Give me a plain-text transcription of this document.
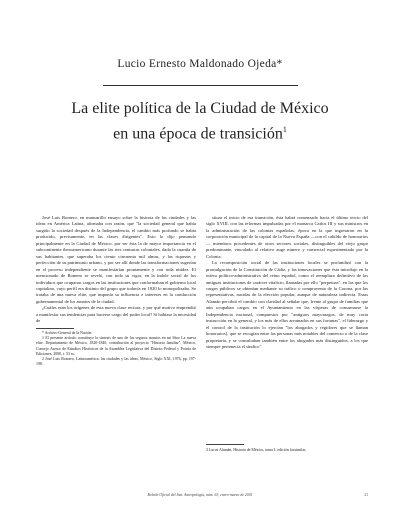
Lucio Ernesto Maldonado Ojeda*
La elite política de la Ciudad de México
en una época de transición$^1$

José Luis Romero, en mansurillo ensayo sobre la historia de las ciudades y las ideas en América Latina, afirmaba con razón, que "la sociedad general que había surgido la sociedad después de la Independencia, el cambio más profundo se había producido, precisamente, en las clases dirigentes". Esto lo dijo pensando principalmente en la Ciudad de México, por ser ésta la de mayor importancia en el subcontinente iberoamericano durante las tres centurias coloniales, dada la cuantía de sus habitantes, que superaba los ciento cincuenta mil almas, y las riquezas y perfección de su patrimonio urbano, y por ser allí donde las transformaciones sugerían en el proceso independiente se manifestarían prontamente y con toda nitidez. El mencionado de Romero se reveló, con todo su vigor, en la índole social de los individuos que ocuparon cargos en las instituciones que conformaban el gobierno local capitalino, cuyo perfil era distinto del grupo que todavía en 1820 lo monopolizaba. Se trataba de una nueva elite, que imponía su influencia e intereses en la conducción gubernamental de los asuntos de la ciudad.

¿Cuáles eran los orígenes de esta nueva clase rectora, y por qué motivo emprendió a manifestar sus tendencias para hacerse cargo del poder local? Si habíase la necesidad de

* Archivo General de la Nación.

1 El presente artículo constituye la síntesis de uno de los seguros asuntos en mi libro La nueva elite. Departamento de México, 1820-1840, contribución al proyecto "Historia familiar", México, Consejo Asesor de Estudios Históricos de la Asamblea Legislativa del Distrito Federal y Porrúa de Ediciones, 2000, t. 53 ss.

2 José Luis Romero, Latinoamérica: las ciudades y las ideas, México, Siglo XXI, 1976, pp. 197-198.

situar el inicio de esa transición, ésta habrá comenzado hacia el último tercio del siglo XVIII, con las reformas impulsadas por el monarca Carlos III y sus ministros en la administración de las colonias españolas, época en la que ingresaron en la corporación municipal de la capital de la Nueva España —con el cabildo de honorarios— miembros procedentes de otros sectores sociales, distinguibles del viejo grupo predominante, vinculado al relativo auge minero y comercial experimentado por la Colonia.

La recomposición social de las instituciones locales se profundizó con la promulgación de la Constitución de Cádiz, y las innovaciones que ésta introdujo en la esfera político-administrativa del reino español, como el reemplazo definitivo de las antiguas instituciones de carácter vitalicio, llamadas por ello "perpetuas", en las que los cargos públicos se obtenían mediante su tráfico o compraventa de la Corona, por las representativas, nacidas de la elección popular, aunque de naturaleza indirecta. Estas Alamán percibió el cambio con claridad al señalar que, frente al grupo de familias que aún ocupaban cargos en el Ayuntamiento en las vísperas de consumarse la Independencia nacional, compuestos por "antiguos mayorazgos, de muy corta instrucción en lo general, y los más de ellos arruinados en sus fortunas", el liderazgo y el control de la institución lo ejercían "los abogados y regidores que se llaman honorarios], que se escogían entre las personas más notables del comercio o de la clase propietaria, y se consultaban también entre los abogados más distinguidos, a los que siempre pertenecía el síndico".

3 Lucas Alamán, Historia de México, tomo I, edición facsimilar,
Boletín Oficial del Inst. Antropología, núm. 63, enero-marzo de 2001	21
